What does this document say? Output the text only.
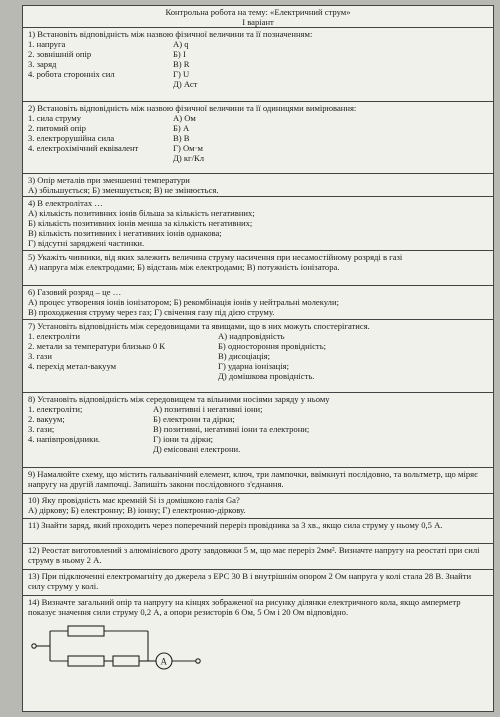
Контрольна робота на тему: «Електричний струм»
І варіант
1) Встановіть відповідність між назвою фізичної величини та її позначенням:
1. напруга
2. зовнішній опір
3. заряд
4. робота сторонніх сил
А) q
Б) I
В) R
Г) U
Д) Аст
2) Встановіть відповідність між назвою фізичної величини та її одиницями вимірювання:
1. сила струму
2. питомий опір
3. електрорушійна сила
4. електрохімічний еквівалент
А) Ом
Б) А
В) В
Г) Ом·м
Д) кг/Кл
3) Опір металів при зменшенні температури
А) збільшується; Б) зменшується; В) не змінюється.
4) В електролітах …
А) кількість позитивних іонів більша за кількість негативних;
Б) кількість позитивних іонів менша за кількість негативних;
В) кількість позитивних і негативних іонів однакова;
Г) відсутні заряджені частинки.
5) Укажіть чинники, від яких залежить величина струму насичення при несамостійному розряді в газі
А) напруга між електродами; Б) відстань між електродами; В) потужність іонізатора.
6) Газовий розряд – це …
А) процес утворення іонів іонізатором; Б) рекомбінація іонів у нейтральні молекули;
В) проходження струму через газ; Г) свічення газу під дією струму.
7) Установіть відповідність між середовищами та явищами, що в них можуть спостерігатися.
1. електроліти
2. метали за температури близько 0 К
3. гази
4. перехід метал-вакуум
А) надпровідність
Б) одностороння провідність;
В) дисоціація;
Г) ударна іонізація;
Д) домішкова провідність.
8) Установіть відповідність між середовищем та вільними носіями заряду у ньому
1. електроліти;
2. вакуум;
3. гази;
4. напівпровідники.
А) позитивні і негативні іони;
Б) електрони та дірки;
В) позитивні, негативні іони та електрони;
Г) іони та дірки;
Д) емісовані електрони.
9) Намалюйте схему, що містить гальванічний елемент, ключ, три лампочки, ввімкнуті послідовно, та вольтметр, що міряє напругу на другій лампочці. Запишіть закони послідовного з'єднання.
10) Яку провідність має кремній Si із домішкою галія Ga?
А) діркову; Б) електронну; В) іонну; Г) електронно-діркову.
11) Знайти заряд, який проходить через поперечний переріз провідника за 3 хв., якщо сила струму у ньому 0,5 А.
12) Реостат виготовлений з алюмінієвого дроту завдовжки 5 м, що має переріз 2мм². Визначте напругу на реостаті при силі струму в ньому 2 А.
13) При підключенні електромагніту до джерела з ЕРС 30 В і внутрішнім опором 2 Ом напруга у колі стала 28 В. Знайти силу струму у колі.
14) Визначте загальний опір та напругу на кінцях зображеної на рисунку ділянки електричного кола, якщо амперметр показує значення сили струму 0,2 А, а опори резисторів 6 Ом, 5 Ом і 20 Ом відповідно.
A
